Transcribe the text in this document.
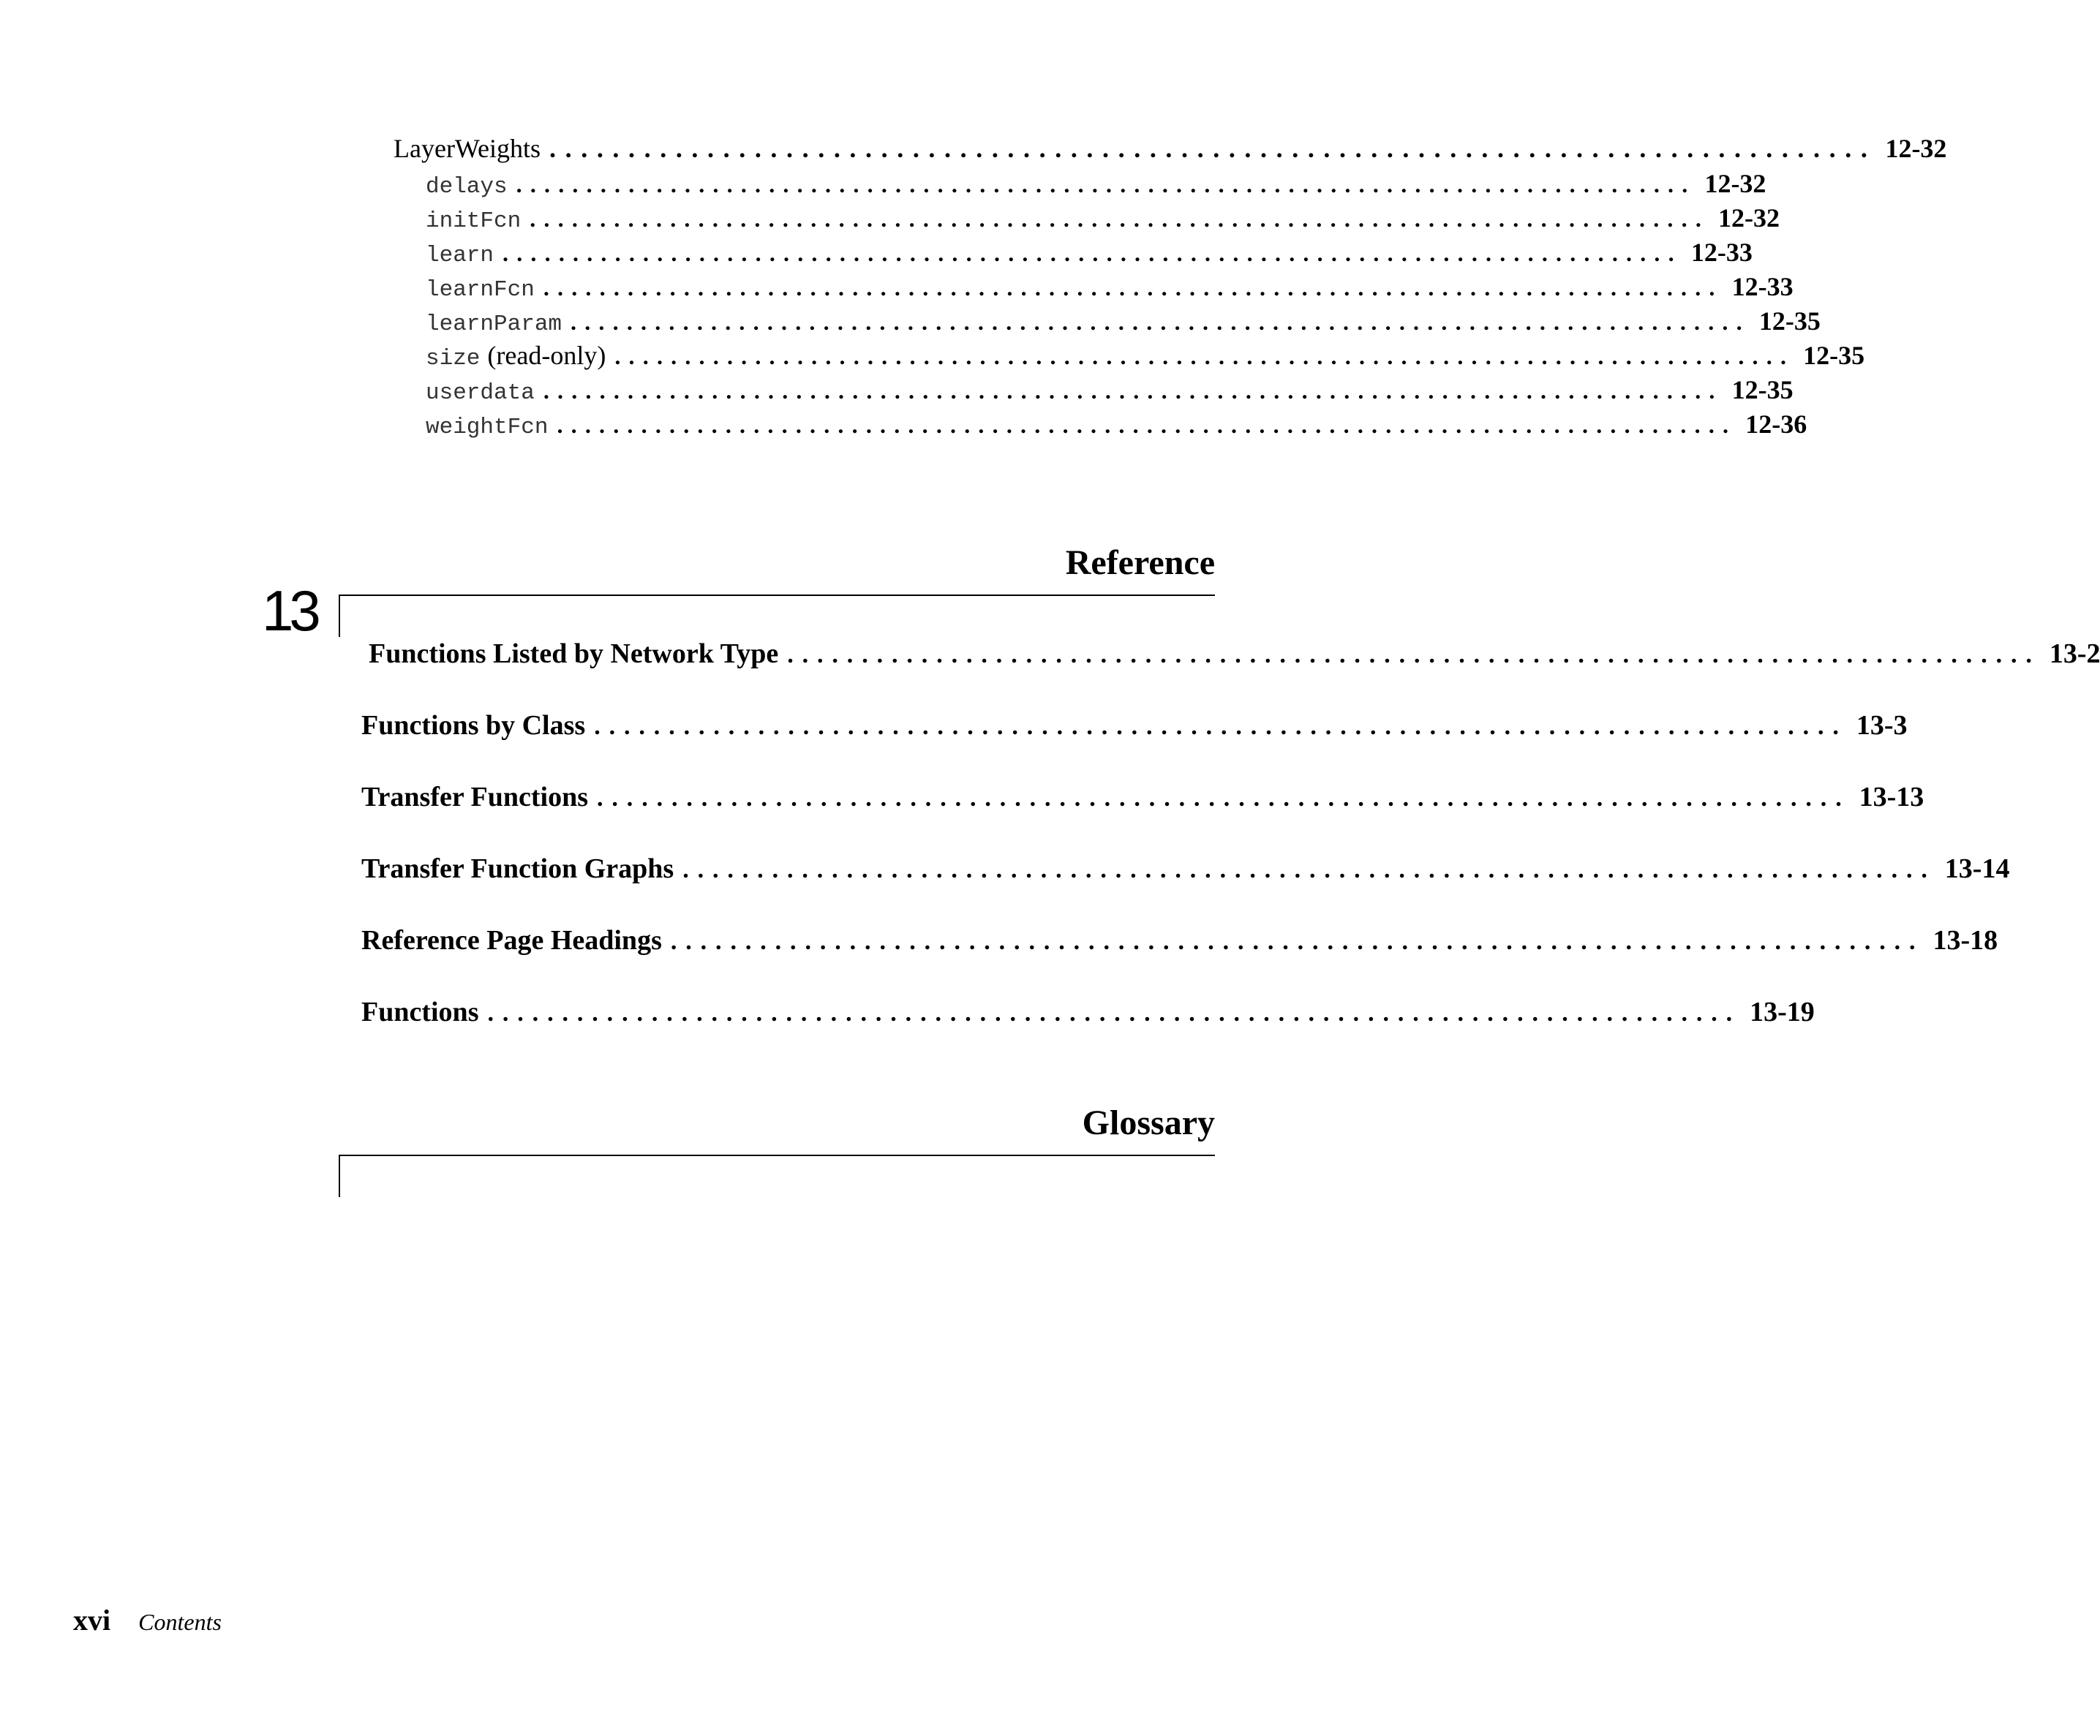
LayerWeights .................................................................................... 12-32
delays .................................................................................... 12-32
initFcn .................................................................................... 12-32
learn .................................................................................... 12-33
learnFcn .................................................................................... 12-33
learnParam .................................................................................... 12-35
size (read-only) .................................................................................... 12-35
userdata .................................................................................... 12-35
weightFcn .................................................................................... 12-36
Reference
13
Functions Listed by Network Type .................................................................................... 13-2
Functions by Class .................................................................................... 13-3
Transfer Functions .................................................................................... 13-13
Transfer Function Graphs .................................................................................... 13-14
Reference Page Headings .................................................................................... 13-18
Functions .................................................................................... 13-19
Glossary
xvi Contents
